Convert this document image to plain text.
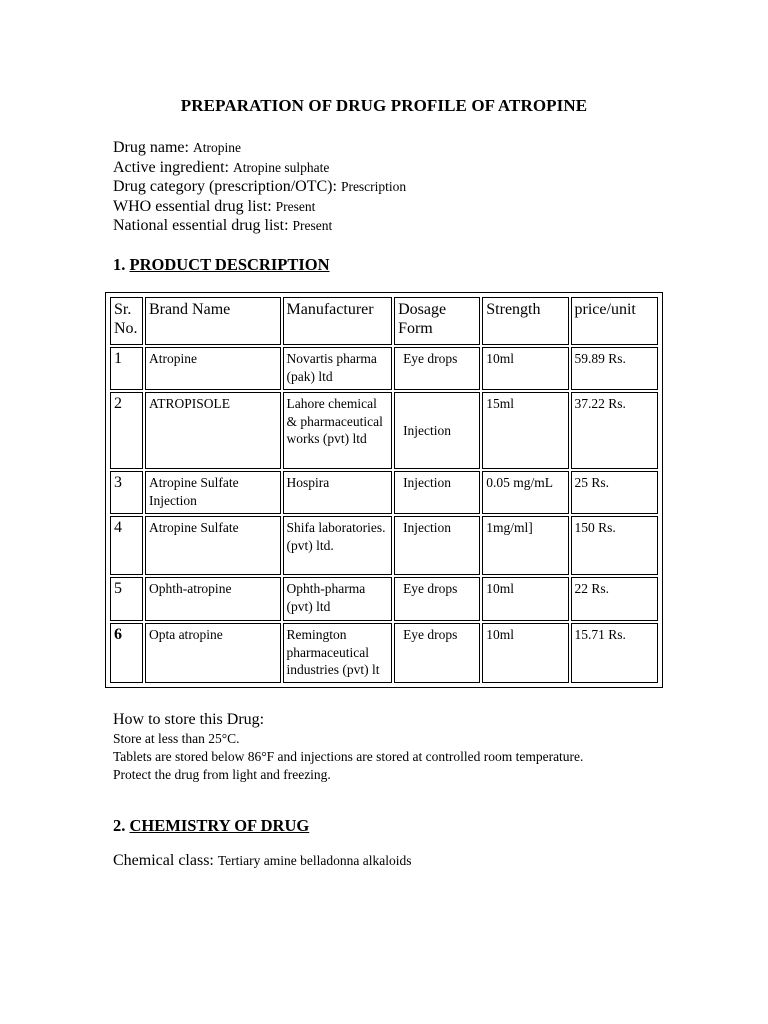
PREPARATION OF DRUG PROFILE OF ATROPINE
Drug name: Atropine
Active ingredient: Atropine sulphate
Drug category (prescription/OTC): Prescription
WHO essential drug list: Present
National essential drug list: Present
1. PRODUCT DESCRIPTION
Sr. No.	Brand Name	Manufacturer	Dosage Form	Strength	price/unit
1	Atropine	Novartis pharma (pak) ltd	Eye drops	10ml	59.89 Rs.
2	ATROPISOLE	Lahore chemical & pharmaceutical works (pvt) ltd	Injection	15ml	37.22 Rs.
3	Atropine Sulfate Injection	Hospira	Injection	0.05 mg/mL	25 Rs.
4	Atropine Sulfate	Shifa laboratories.(pvt) ltd.	Injection	1mg/ml]	150 Rs.
5	Ophth-atropine	Ophth-pharma (pvt) ltd	Eye drops	10ml	22 Rs.
6	Opta atropine	Remington pharmaceutical industries (pvt) lt	Eye drops	10ml	15.71 Rs.
How to store this Drug:
Store at less than 25°C.
Tablets are stored below 86°F and injections are stored at controlled room temperature.
Protect the drug from light and freezing.
2. CHEMISTRY OF DRUG
Chemical class: Tertiary amine belladonna alkaloids
